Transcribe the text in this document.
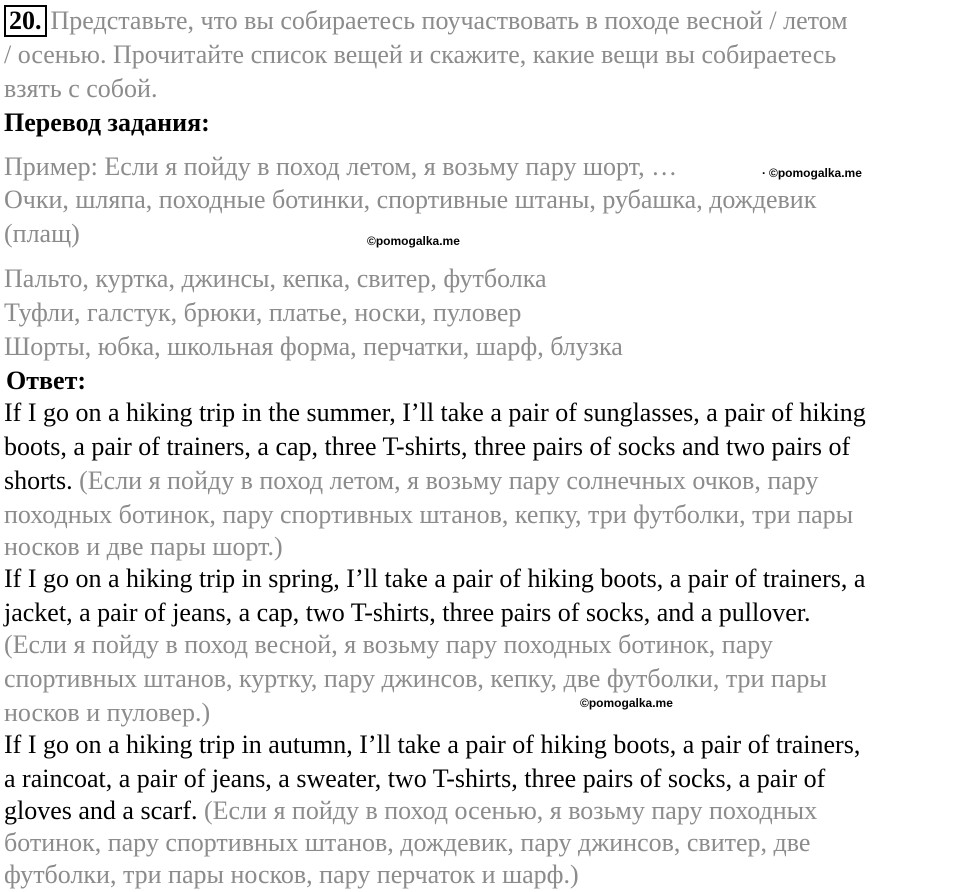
20. Представьте, что вы собираетесь поучаствовать в походе весной / летом
/ осенью. Прочитайте список вещей и скажите, какие вещи вы собираетесь
взять с собой.
Перевод задания:
Пример: Если я пойду в поход летом, я возьму пару шорт, …
Очки, шляпа, походные ботинки, спортивные штаны, рубашка, дождевик
(плащ)
Пальто, куртка, джинсы, кепка, свитер, футболка
Туфли, галстук, брюки, платье, носки, пуловер
Шорты, юбка, школьная форма, перчатки, шарф, блузка
Ответ:
If I go on a hiking trip in the summer, I’ll take a pair of sunglasses, a pair of hiking
boots, a pair of trainers, a cap, three T-shirts, three pairs of socks and two pairs of
shorts. (Если я пойду в поход летом, я возьму пару солнечных очков, пару
походных ботинок, пару спортивных штанов, кепку, три футболки, три пары
носков и две пары шорт.)
If I go on a hiking trip in spring, I’ll take a pair of hiking boots, a pair of trainers, a
jacket, a pair of jeans, a cap, two T-shirts, three pairs of socks, and a pullover.
(Если я пойду в поход весной, я возьму пару походных ботинок, пару
спортивных штанов, куртку, пару джинсов, кепку, две футболки, три пары
носков и пуловер.)
If I go on a hiking trip in autumn, I’ll take a pair of hiking boots, a pair of trainers,
a raincoat, a pair of jeans, a sweater, two T-shirts, three pairs of socks, a pair of
gloves and a scarf. (Если я пойду в поход осенью, я возьму пару походных
ботинок, пару спортивных штанов, дождевик, пару джинсов, свитер, две
футболки, три пары носков, пару перчаток и шарф.)
· ©pomogalka.me
©pomogalka.me
©pomogalka.me
